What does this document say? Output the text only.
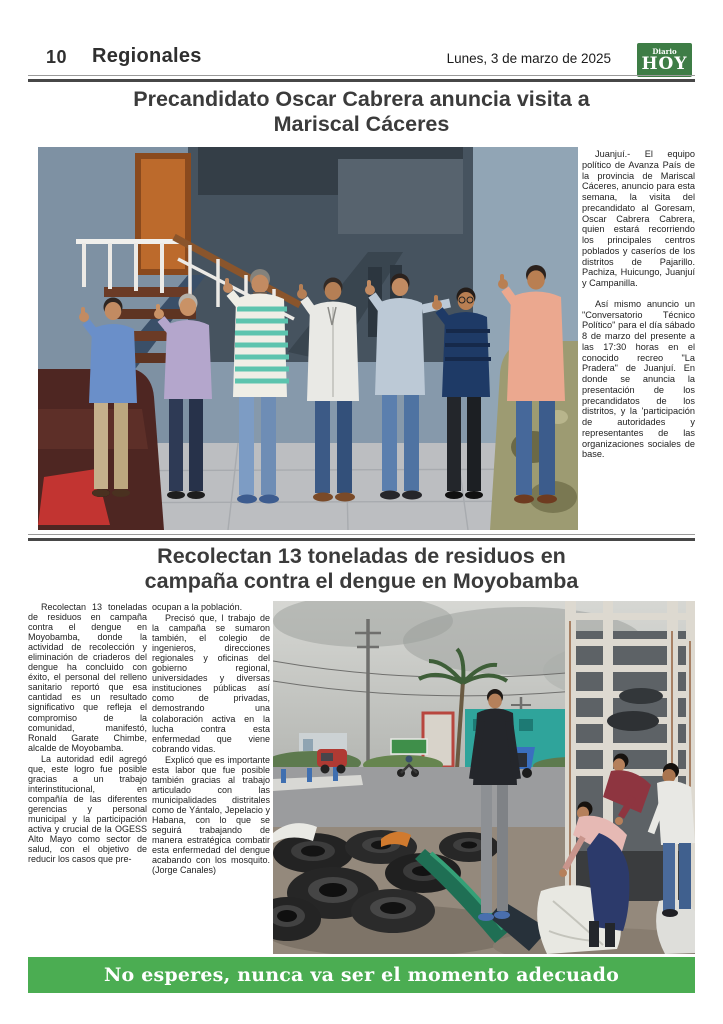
10 Regionales	Lunes, 3 de marzo de 2025	Diario
HOY
Precandidato Oscar Cabrera anuncia visita a Mariscal Cáceres

Juanjuí.- El equipo político de Avanza País de la provincia de Mariscal Cáceres, anuncio para esta semana, la visita del precandidato al Goresam, Oscar Cabrera Cabrera, quien estará recorriendo los principales centros poblados y caseríos de los distritos de Pajarillo. Pachiza, Huicungo, Juanjuí y Campanilla.

Así mismo anuncio un "Conversatorio Técnico Político" para el día sábado 8 de marzo del presente a las 17:30 horas en el conocido recreo "La Pradera" de Juanjuí. En donde se anuncia la presentación de los precandidatos de los distritos, y la 'participación de autoridades y representantes de las organizaciones sociales de base.

Recolectan 13 toneladas de residuos en campaña contra el dengue en Moyobamba

Recolectan 13 toneladas de residuos en campaña contra el dengue en Moyobamba, donde la actividad de recolección y eliminación de criaderos del dengue ha concluido con éxito, el personal del relleno sanitario reportó que esa cantidad es un resultado significativo que refleja el compromiso de la comunidad, manifestó, Ronald Garate Chimbe, alcalde de Moyobamba.

La autoridad edil agregó que, este logro fue posible gracias a un trabajo interinstitucional, en compañía de las diferentes gerencias y personal municipal y la participación activa y crucial de la OGESS Alto Mayo como sector de salud, con el objetivo de reducir los casos que pre-

ocupan a la población.

Precisó que, l trabajo de la campaña se sumaron también, el colegio de ingenieros, direcciones regionales y oficinas del gobierno regional, universidades y diversas instituciones públicas así como de privadas, demostrando una colaboración activa en la lucha contra esta enfermedad que viene cobrando vidas.

Explicó que es importante esta labor que fue posible también gracias al trabajo articulado con las municipalidades distritales como de Yántalo, Jepelacio y Habana, con lo que se seguirá trabajando de manera estratégica combatir esta enfermedad del dengue acabando con los mosquito. (Jorge Canales)

No esperes, nunca va ser el momento adecuado
